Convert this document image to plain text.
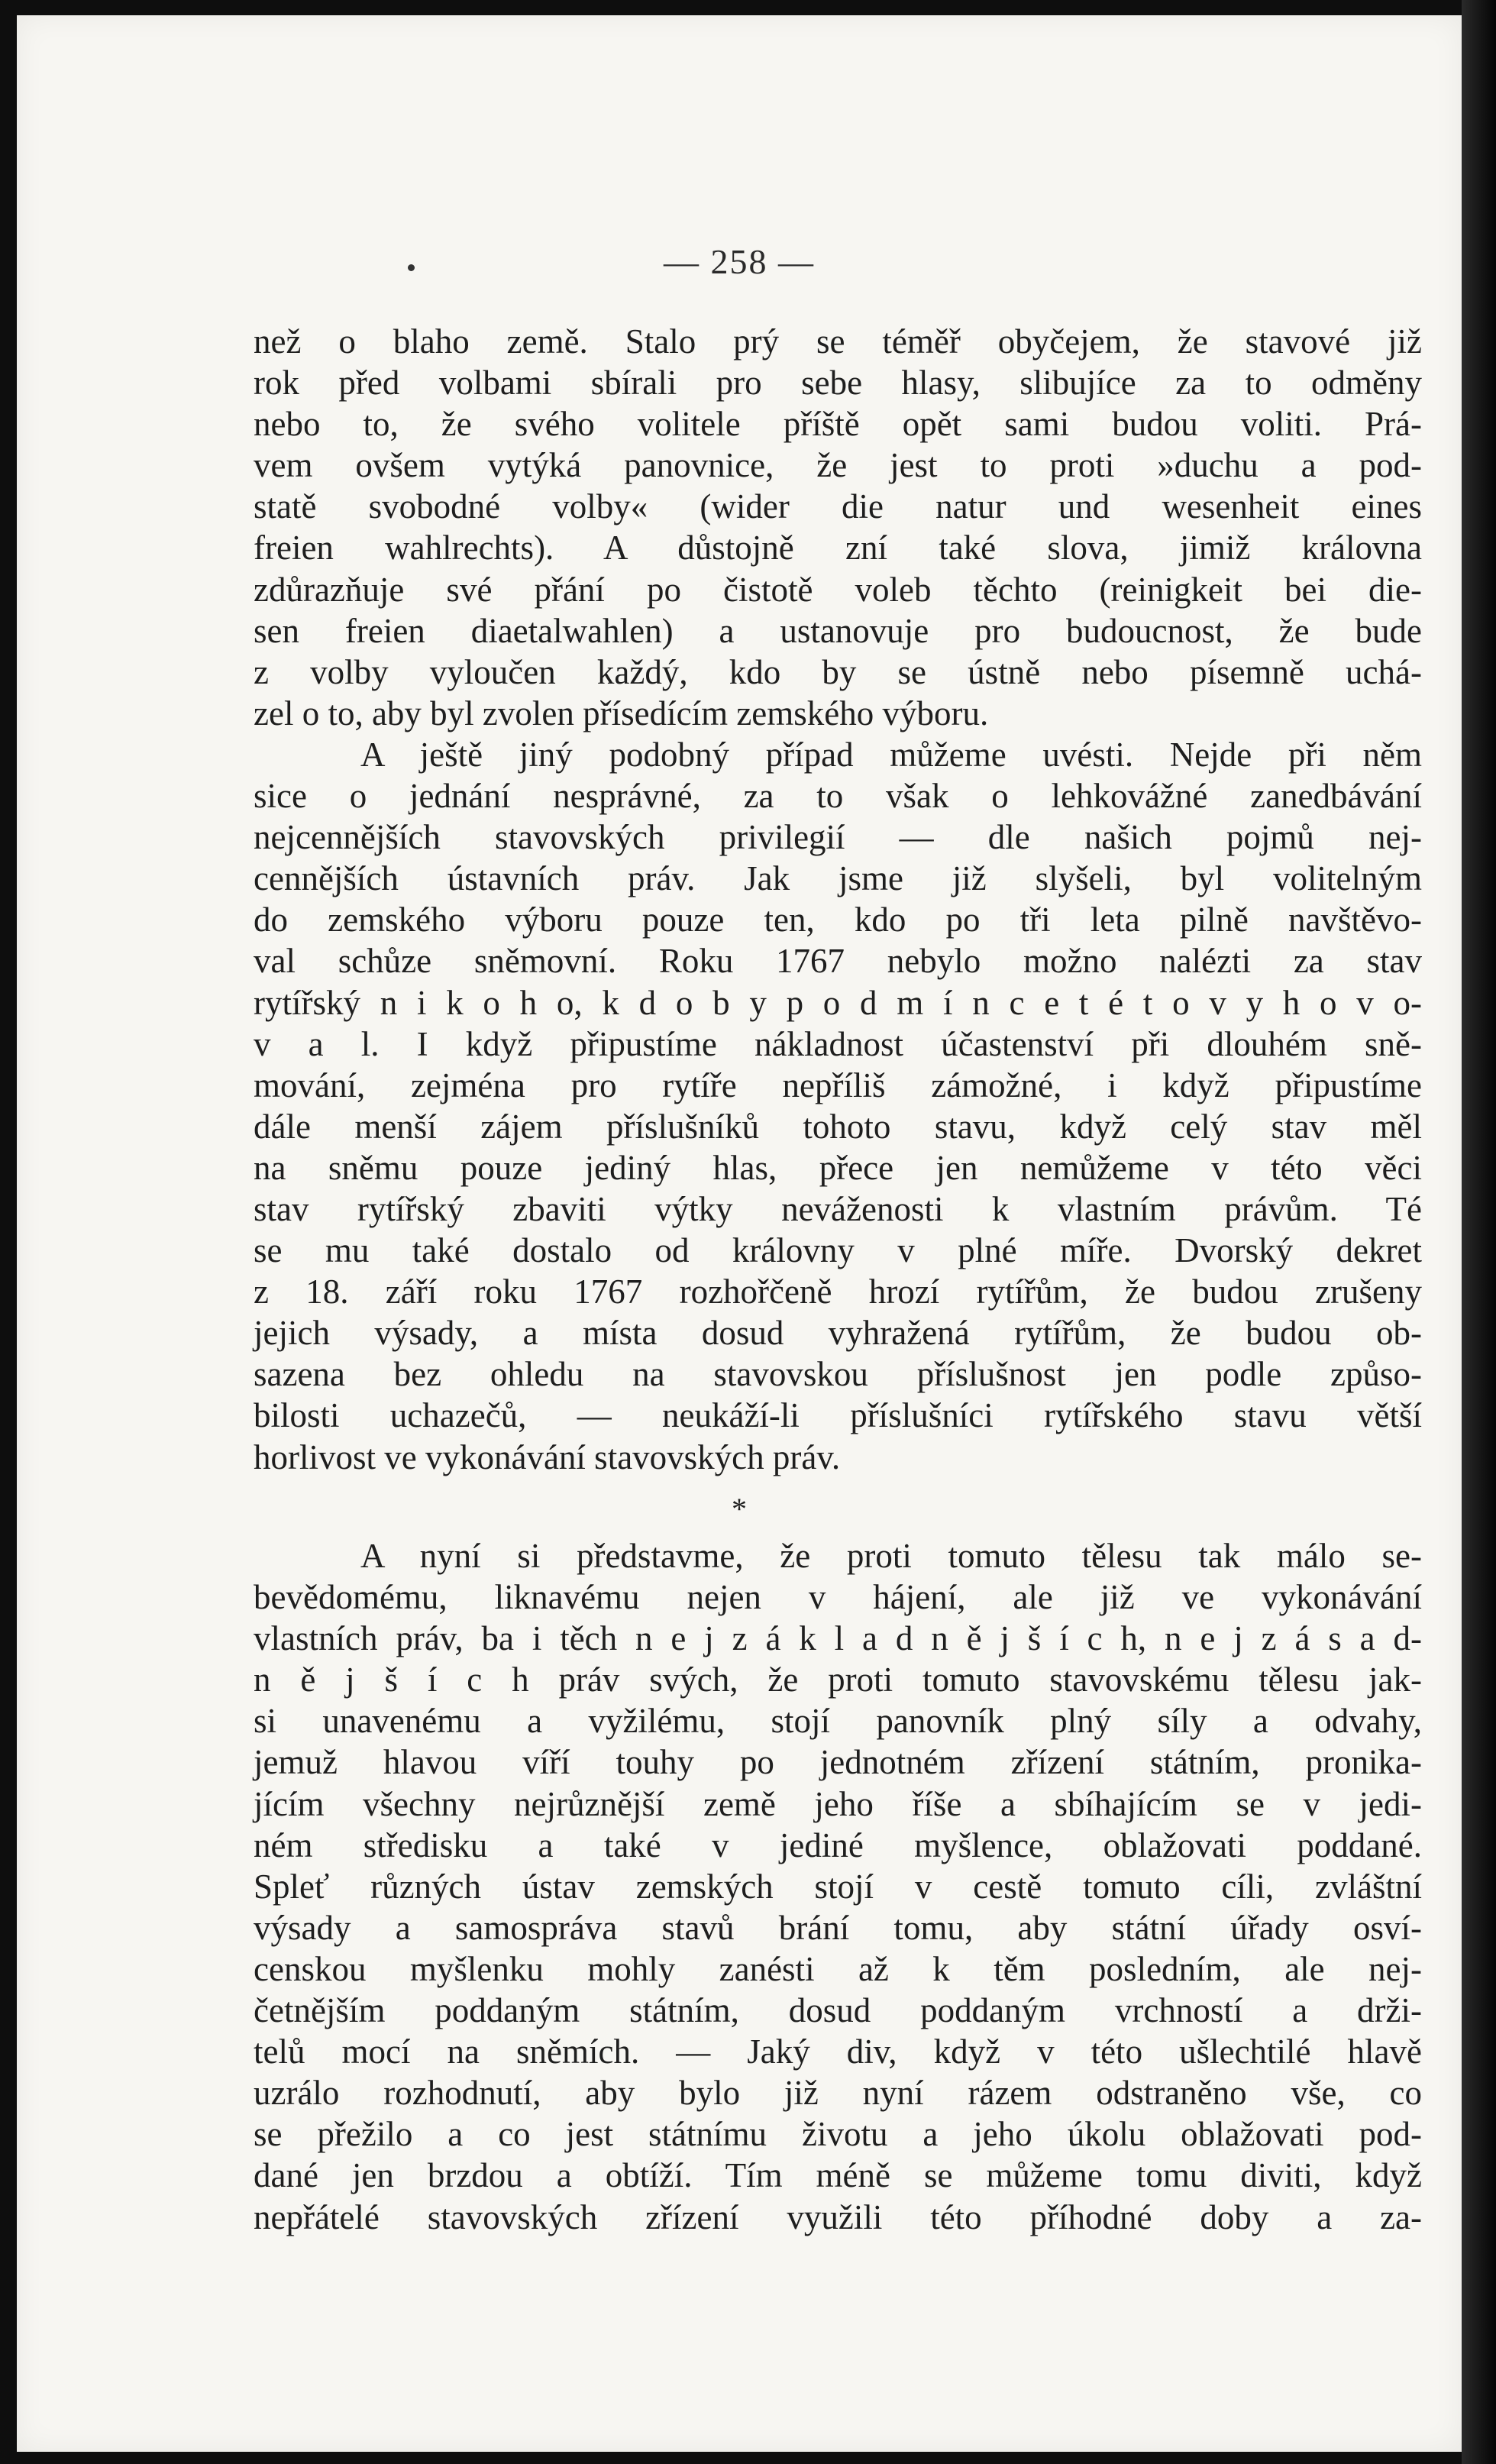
— 258 —
než o blaho země. Stalo prý se téměř obyčejem, že stavové již
rok před volbami sbírali pro sebe hlasy, slibujíce za to odměny
nebo to, že svého volitele příště opět sami budou voliti. Prá-
vem ovšem vytýká panovnice, že jest to proti »duchu a pod-
statě svobodné volby« (wider die natur und wesenheit eines
freien wahlrechts). A důstojně zní také slova, jimiž královna
zdůrazňuje své přání po čistotě voleb těchto (reinigkeit bei die-
sen freien diaetalwahlen) a ustanovuje pro budoucnost, že bude
z volby vyloučen každý, kdo by se ústně nebo písemně uchá-
zel o to, aby byl zvolen přísedícím zemského výboru.
A ještě jiný podobný případ můžeme uvésti. Nejde při něm
sice o jednání nesprávné, za to však o lehkovážné zanedbávání
nejcennějších stavovských privilegií — dle našich pojmů nej-
cennějších ústavních práv. Jak jsme již slyšeli, byl volitelným
do zemského výboru pouze ten, kdo po tři leta pilně navštěvo-
val schůze sněmovní. Roku 1767 nebylo možno nalézti za stav
rytířský n i k o h o, k d o b y p o d m í n c e t é t o v y h o v o-
v a l. I když připustíme nákladnost účastenství při dlouhém sně-
mování, zejména pro rytíře nepříliš zámožné, i když připustíme
dále menší zájem příslušníků tohoto stavu, když celý stav měl
na sněmu pouze jediný hlas, přece jen nemůžeme v této věci
stav rytířský zbaviti výtky neváženosti k vlastním právům. Té
se mu také dostalo od královny v plné míře. Dvorský dekret
z 18. září roku 1767 rozhořčeně hrozí rytířům, že budou zrušeny
jejich výsady, a místa dosud vyhražená rytířům, že budou ob-
sazena bez ohledu na stavovskou příslušnost jen podle způso-
bilosti uchazečů, — neukáží-li příslušníci rytířského stavu větší
horlivost ve vykonávání stavovských práv.
*
A nyní si představme, že proti tomuto tělesu tak málo se-
bevědomému, liknavému nejen v hájení, ale již ve vykonávání
vlastních práv, ba i těch n e j z á k l a d n ě j š í c h, n e j z á s a d-
n ě j š í c h práv svých, že proti tomuto stavovskému tělesu jak-
si unavenému a vyžilému, stojí panovník plný síly a odvahy,
jemuž hlavou víří touhy po jednotném zřízení státním, pronika-
jícím všechny nejrůznější země jeho říše a sbíhajícím se v jedi-
ném středisku a také v jediné myšlence, oblažovati poddané.
Spleť různých ústav zemských stojí v cestě tomuto cíli, zvláštní
výsady a samospráva stavů brání tomu, aby státní úřady osví-
censkou myšlenku mohly zanésti až k těm posledním, ale nej-
četnějším poddaným státním, dosud poddaným vrchností a drži-
telů mocí na sněmích. — Jaký div, když v této ušlechtilé hlavě
uzrálo rozhodnutí, aby bylo již nyní rázem odstraněno vše, co
se přežilo a co jest státnímu životu a jeho úkolu oblažovati pod-
dané jen brzdou a obtíží. Tím méně se můžeme tomu diviti, když
nepřátelé stavovských zřízení využili této příhodné doby a za-
